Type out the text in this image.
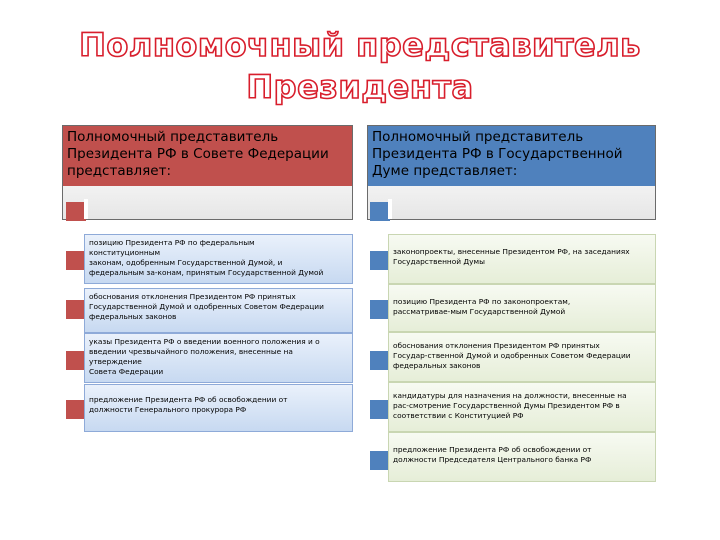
Полномочный представитель
Президента
Полномочный представитель Президента РФ в Совете Федерации представляет:
Полномочный представитель Президента РФ в Государственной Думе представляет:
позицию Президента РФ по федеральным
конституционным
законам, одобренным Государственной Думой, и
федеральным за-конам, принятым Государственной Думой
обоснования отклонения Президентом РФ принятых
Государственной Думой и одобренных Советом Федерации
федеральных законов
указы Президента РФ о введении военного положения и о
введении чрезвычайного положения, внесенные на
утверждение
Совета Федерации
предложение Президента РФ об освобождении от
должности Генерального прокурора РФ
законопроекты, внесенные Президентом РФ, на заседаниях
Государственной Думы
позицию Президента РФ по законопроектам,
рассматривае-мым Государственной Думой
обоснования отклонения Президентом РФ принятых
Государ-ственной Думой и одобренных Советом Федерации
федеральных законов
кандидатуры для назначения на должности, внесенные на
рас-смотрение Государственной Думы Президентом РФ в
соответствии с Конституцией РФ
предложение Президента РФ об освобождении от
должности Председателя Центрального банка РФ
